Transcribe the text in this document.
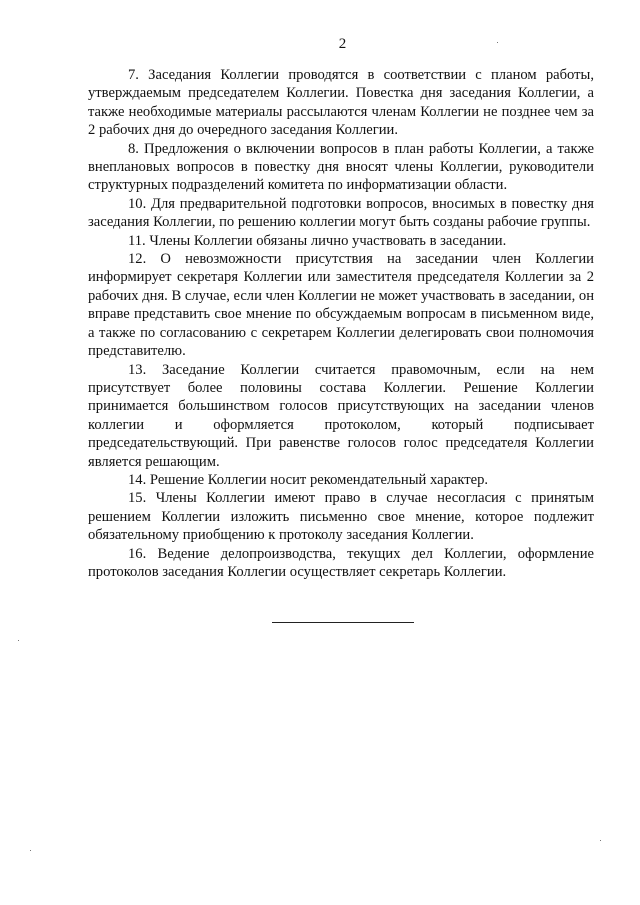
2

7. Заседания Коллегии проводятся в соответствии с планом работы, утверждаемым председателем Коллегии. Повестка дня заседания Коллегии, а также необходимые материалы рассылаются членам Коллегии не позднее чем за 2 рабочих дня до очередного заседания Коллегии.

8. Предложения о включении вопросов в план работы Коллегии, а также внеплановых вопросов в повестку дня вносят члены Коллегии, руководители структурных подразделений комитета по информатизации области.

10. Для предварительной подготовки вопросов, вносимых в повестку дня заседания Коллегии, по решению коллегии могут быть созданы рабочие группы.

11. Члены Коллегии обязаны лично участвовать в заседании.

12. О невозможности присутствия на заседании член Коллегии информирует секретаря Коллегии или заместителя председателя Коллегии за 2 рабочих дня. В случае, если член Коллегии не может участвовать в заседании, он вправе представить свое мнение по обсуждаемым вопросам в письменном виде, а также по согласованию с секретарем Коллегии делегировать свои полномочия представителю.

13. Заседание Коллегии считается правомочным, если на нем присутствует более половины состава Коллегии. Решение Коллегии принимается большинством голосов присутствующих на заседании членов коллегии и оформляется протоколом, который подписывает председательствующий. При равенстве голосов голос председателя Коллегии является решающим.

14. Решение Коллегии носит рекомендательный характер.

15. Члены Коллегии имеют право в случае несогласия с принятым решением Коллегии изложить письменно свое мнение, которое подлежит обязательному приобщению к протоколу заседания Коллегии.

16. Ведение делопроизводства, текущих дел Коллегии, оформление протоколов заседания Коллегии осуществляет секретарь Коллегии.
